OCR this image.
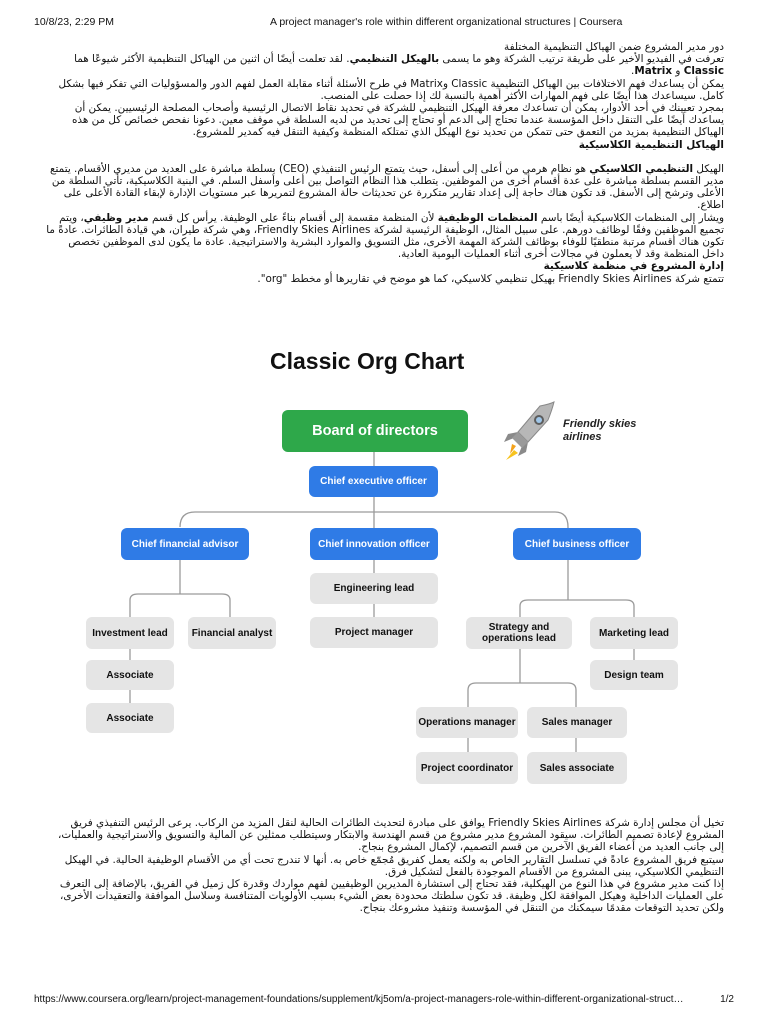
10/8/23, 2:29 PM	A project manager's role within different organizational structures | Coursera

دور مدير المشروع ضمن الهياكل التنظيمية المختلفة

تعرفت في الفيديو الأخير على طريقة ترتيب الشركة وهو ما يسمى بالهيكل التنظيمي. لقد تعلمت أيضًا أن اثنين من الهياكل التنظيمية الأكثر شيوعًا هما Classic و Matrix.

يمكن أن يساعدك فهم الاختلافات بين الهياكل التنظيمية Classic وMatrix في طرح الأسئلة أثناء مقابلة العمل لفهم الدور والمسؤوليات التي تفكر فيها بشكل كامل. سيساعدك هذا أيضًا على فهم المهارات الأكثر أهمية بالنسبة لك إذا حصلت على المنصب.

بمجرد تعيينك في أحد الأدوار، يمكن أن تساعدك معرفة الهيكل التنظيمي للشركة في تحديد نقاط الاتصال الرئيسية وأصحاب المصلحة الرئيسيين. يمكن أن يساعدك أيضًا على التنقل داخل المؤسسة عندما تحتاج إلى الدعم أو تحتاج إلى تحديد من لديه السلطة في موقف معين. دعونا نفحص خصائص كل من هذه الهياكل التنظيمية بمزيد من التعمق حتى تتمكن من تحديد نوع الهيكل الذي تمتلكه المنظمة وكيفية التنقل فيه كمدير للمشروع.

الهياكل التنظيمية الكلاسيكية

الهيكل التنظيمي الكلاسيكي هو نظام هرمي من أعلى إلى أسفل، حيث يتمتع الرئيس التنفيذي (CEO) بسلطة مباشرة على العديد من مديري الأقسام. يتمتع مدير القسم بسلطة مباشرة على عدة أقسام أخرى من الموظفين. يتطلب هذا النظام التواصل بين أعلى وأسفل السلم. في البنية الكلاسيكية، تأتي السلطة من الأعلى وترشح إلى الأسفل. قد تكون هناك حاجة إلى إعداد تقارير متكررة عن تحديثات حالة المشروع لتمريرها عبر مستويات الإدارة لإبقاء القادة الأعلى على اطلاع.

ويشار إلى المنظمات الكلاسيكية أيضًا باسم المنظمات الوظيفية لأن المنظمة مقسمة إلى أقسام بناءً على الوظيفة. يرأس كل قسم مدير وظيفي، ويتم تجميع الموظفين وفقًا لوظائف دورهم. على سبيل المثال، الوظيفة الرئيسية لشركة Friendly Skies Airlines، وهي شركة طيران، هي قيادة الطائرات. عادةً ما تكون هناك أقسام مرتبة منطقيًا للوفاء بوظائف الشركة المهمة الأخرى، مثل التسويق والموارد البشرية والاستراتيجية. عادة ما يكون لدى الموظفين تخصص داخل المنظمة وقد لا يعملون في مجالات أخرى أثناء العمليات اليومية العادية.

إدارة المشروع في منظمة كلاسيكية

تتمتع شركة Friendly Skies Airlines بهيكل تنظيمي كلاسيكي، كما هو موضح في تقاريرها أو مخطط "org".

Classic Org Chart
Board of directors	Friendly skies airlines
Chief executive officer
Chief financial advisor	Chief innovation officer	Chief business officer
Engineering lead
Project manager
Investment lead	Financial analyst
Associate
Associate
Strategy and operations lead	Marketing lead
Design team
Operations manager	Sales manager
Project coordinator	Sales associate

تخيل أن مجلس إدارة شركة Friendly Skies Airlines يوافق على مبادرة لتحديث الطائرات الحالية لنقل المزيد من الركاب. يرعى الرئيس التنفيذي فريق المشروع لإعادة تصميم الطائرات. سيقود المشروع مدير مشروع من قسم الهندسة والابتكار وسيتطلب ممثلين عن المالية والتسويق والاستراتيجية والعمليات، إلى جانب العديد من أعضاء الفريق الآخرين من قسم التصميم، لإكمال المشروع بنجاح.

سيتبع فريق المشروع عادةً في تسلسل التقارير الخاص به ولكنه يعمل كفريق مُجمّع خاص به. أنها لا تندرج تحت أي من الأقسام الوظيفية الحالية. في الهيكل التنظيمي الكلاسيكي، يبنى المشروع من الأقسام الموجودة بالفعل لتشكيل فرق.

إذا كنت مدير مشروع في هذا النوع من الهيكلية، فقد تحتاج إلى استشارة المديرين الوظيفيين لفهم مواردك وقدرة كل زميل في الفريق، بالإضافة إلى التعرف على العمليات الداخلية وهيكل الموافقة لكل وظيفة. قد تكون سلطتك محدودة بعض الشيء بسبب الأولويات المتنافسة وسلاسل الموافقة والتعقيدات الأخرى، ولكن تحديد التوقعات مقدمًا سيمكنك من التنقل في المؤسسة وتنفيذ مشروعك بنجاح.

https://www.coursera.org/learn/project-management-foundations/supplement/kj5om/a-project-managers-role-within-different-organizational-struct…	1/2
